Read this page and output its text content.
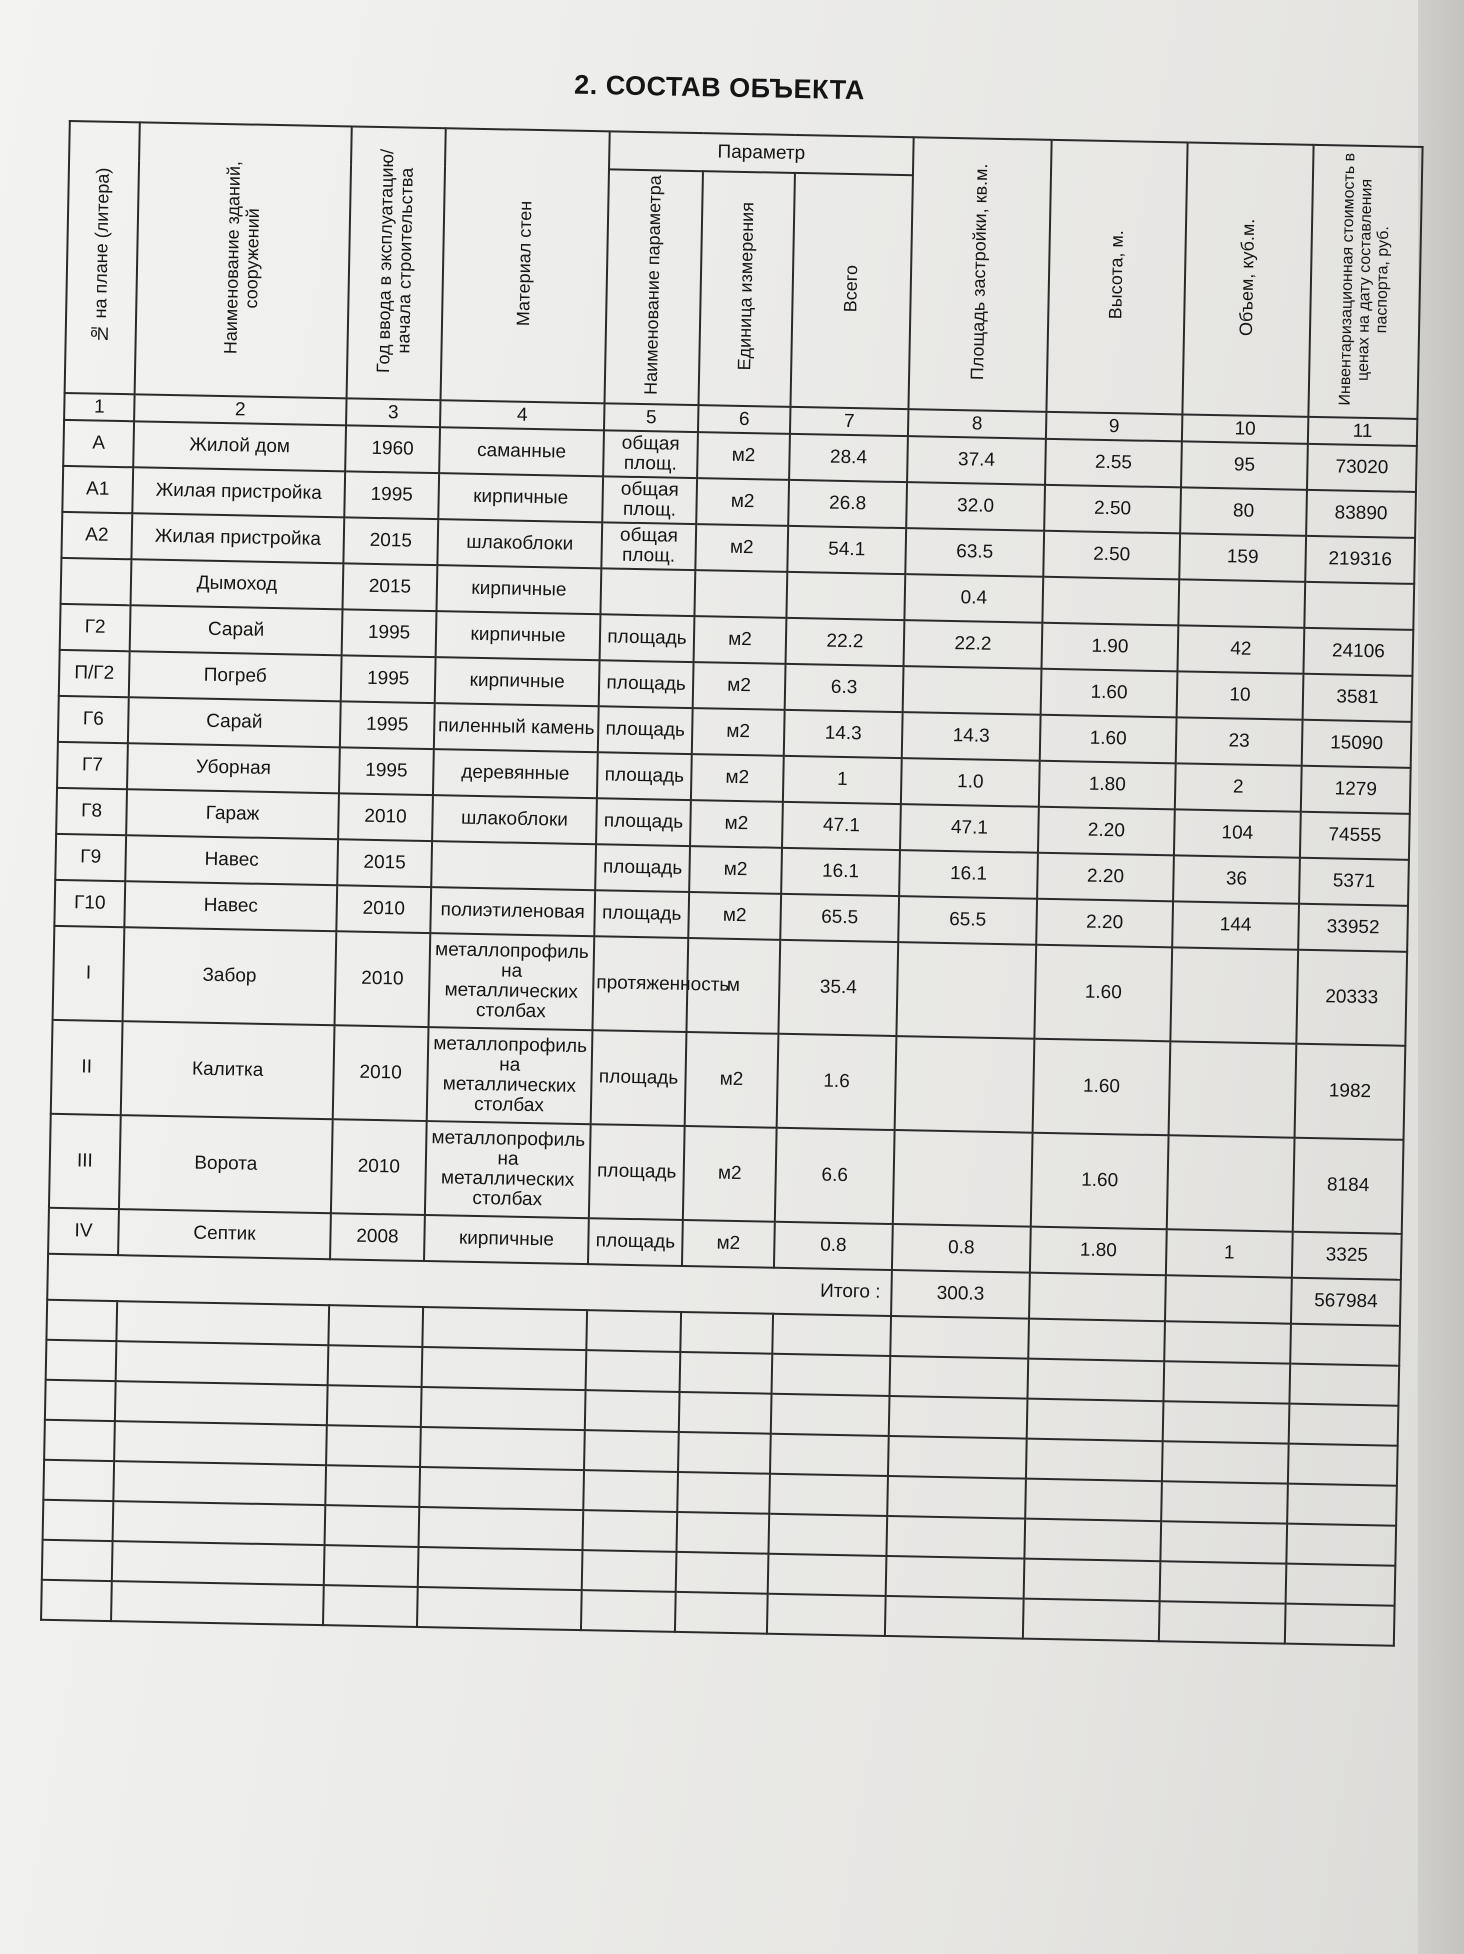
2. СОСТАВ ОБЪЕКТА
№ на плане (литера)	Наименование зданий, сооружений	Год ввода в эксплуатацию/начала строительства	Материал стен	Параметр			Площадь застройки, кв.м.	Высота, м.	Объем, куб.м.	Инвентаризационная стоимость в ценах на дату составления паспорта, руб.
				Наименование параметра	Единица измерения	Всего				
1	2	3	4	5	6	7	8	9	10	11
А	Жилой дом	1960	саманные	общая площ.	м2	28.4	37.4	2.55	95	73020
А1	Жилая пристройка	1995	кирпичные	общая площ.	м2	26.8	32.0	2.50	80	83890
А2	Жилая пристройка	2015	шлакоблоки	общая площ.	м2	54.1	63.5	2.50	159	219316
	Дымоход	2015	кирпичные				0.4			
Г2	Сарай	1995	кирпичные	площадь	м2	22.2	22.2	1.90	42	24106
П/Г2	Погреб	1995	кирпичные	площадь	м2	6.3		1.60	10	3581
Г6	Сарай	1995	пиленный камень	площадь	м2	14.3	14.3	1.60	23	15090
Г7	Уборная	1995	деревянные	площадь	м2	1	1.0	1.80	2	1279
Г8	Гараж	2010	шлакоблоки	площадь	м2	47.1	47.1	2.20	104	74555
Г9	Навес	2015		площадь	м2	16.1	16.1	2.20	36	5371
Г10	Навес	2010	полиэтиленовая	площадь	м2	65.5	65.5	2.20	144	33952
I	Забор	2010	металлопрофиль на металлических столбах	протяженность	м	35.4		1.60		20333
II	Калитка	2010	металлопрофиль на металлических столбах	площадь	м2	1.6		1.60		1982
III	Ворота	2010	металлопрофиль на металлических столбах	площадь	м2	6.6		1.60		8184
IV	Септик	2008	кирпичные	площадь	м2	0.8	0.8	1.80	1	3325
Итого :							300.3			567984
